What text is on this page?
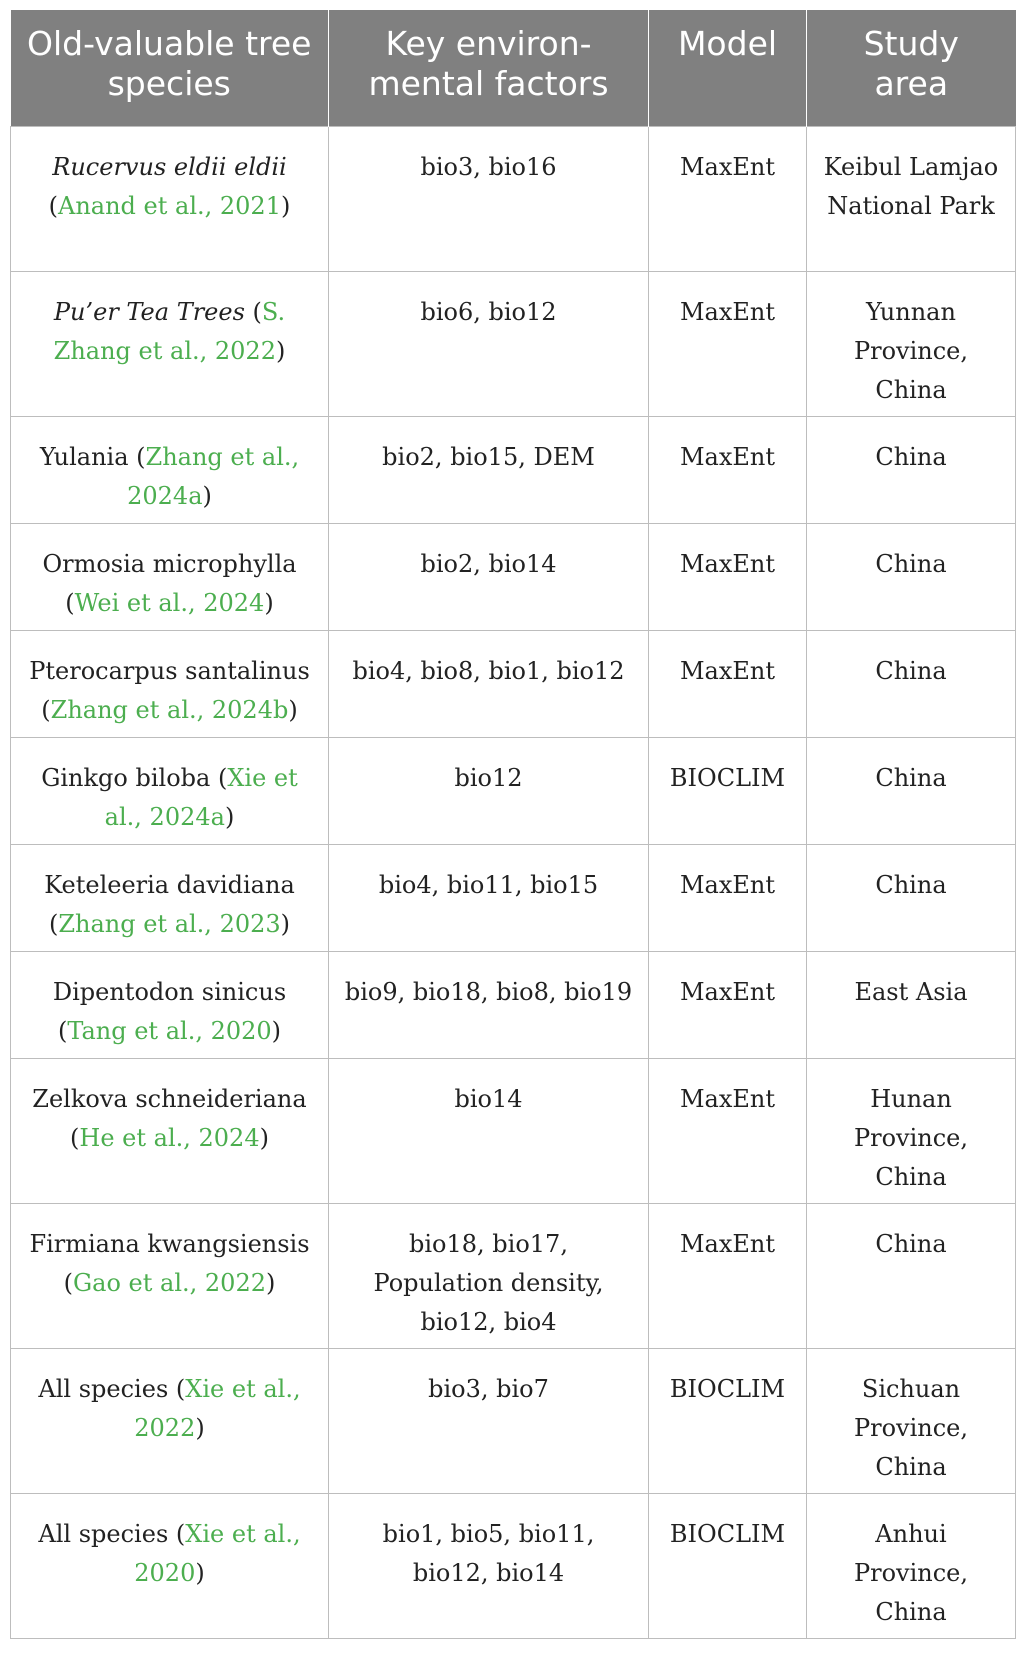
Old-valuable tree species	Key environ-mental factors	Model	Study area
Rucervus eldii eldii (Anand et al., 2021)	bio3, bio16	MaxEnt	Keibul Lamjao National Park
Pu’er Tea Trees (S. Zhang et al., 2022)	bio6, bio12	MaxEnt	Yunnan Province, China
Yulania (Zhang et al., 2024a)	bio2, bio15, DEM	MaxEnt	China
Ormosia microphylla (Wei et al., 2024)	bio2, bio14	MaxEnt	China
Pterocarpus santalinus (Zhang et al., 2024b)	bio4, bio8, bio1, bio12	MaxEnt	China
Ginkgo biloba (Xie et al., 2024a)	bio12	BIOCLIM	China
Keteleeria davidiana (Zhang et al., 2023)	bio4, bio11, bio15	MaxEnt	China
Dipentodon sinicus (Tang et al., 2020)	bio9, bio18, bio8, bio19	MaxEnt	East Asia
Zelkova schneideriana (He et al., 2024)	bio14	MaxEnt	Hunan Province, China
Firmiana kwangsiensis (Gao et al., 2022)	bio18, bio17, Population density, bio12, bio4	MaxEnt	China
All species (Xie et al., 2022)	bio3, bio7	BIOCLIM	Sichuan Province, China
All species (Xie et al., 2020)	bio1, bio5, bio11, bio12, bio14	BIOCLIM	Anhui Province, China
